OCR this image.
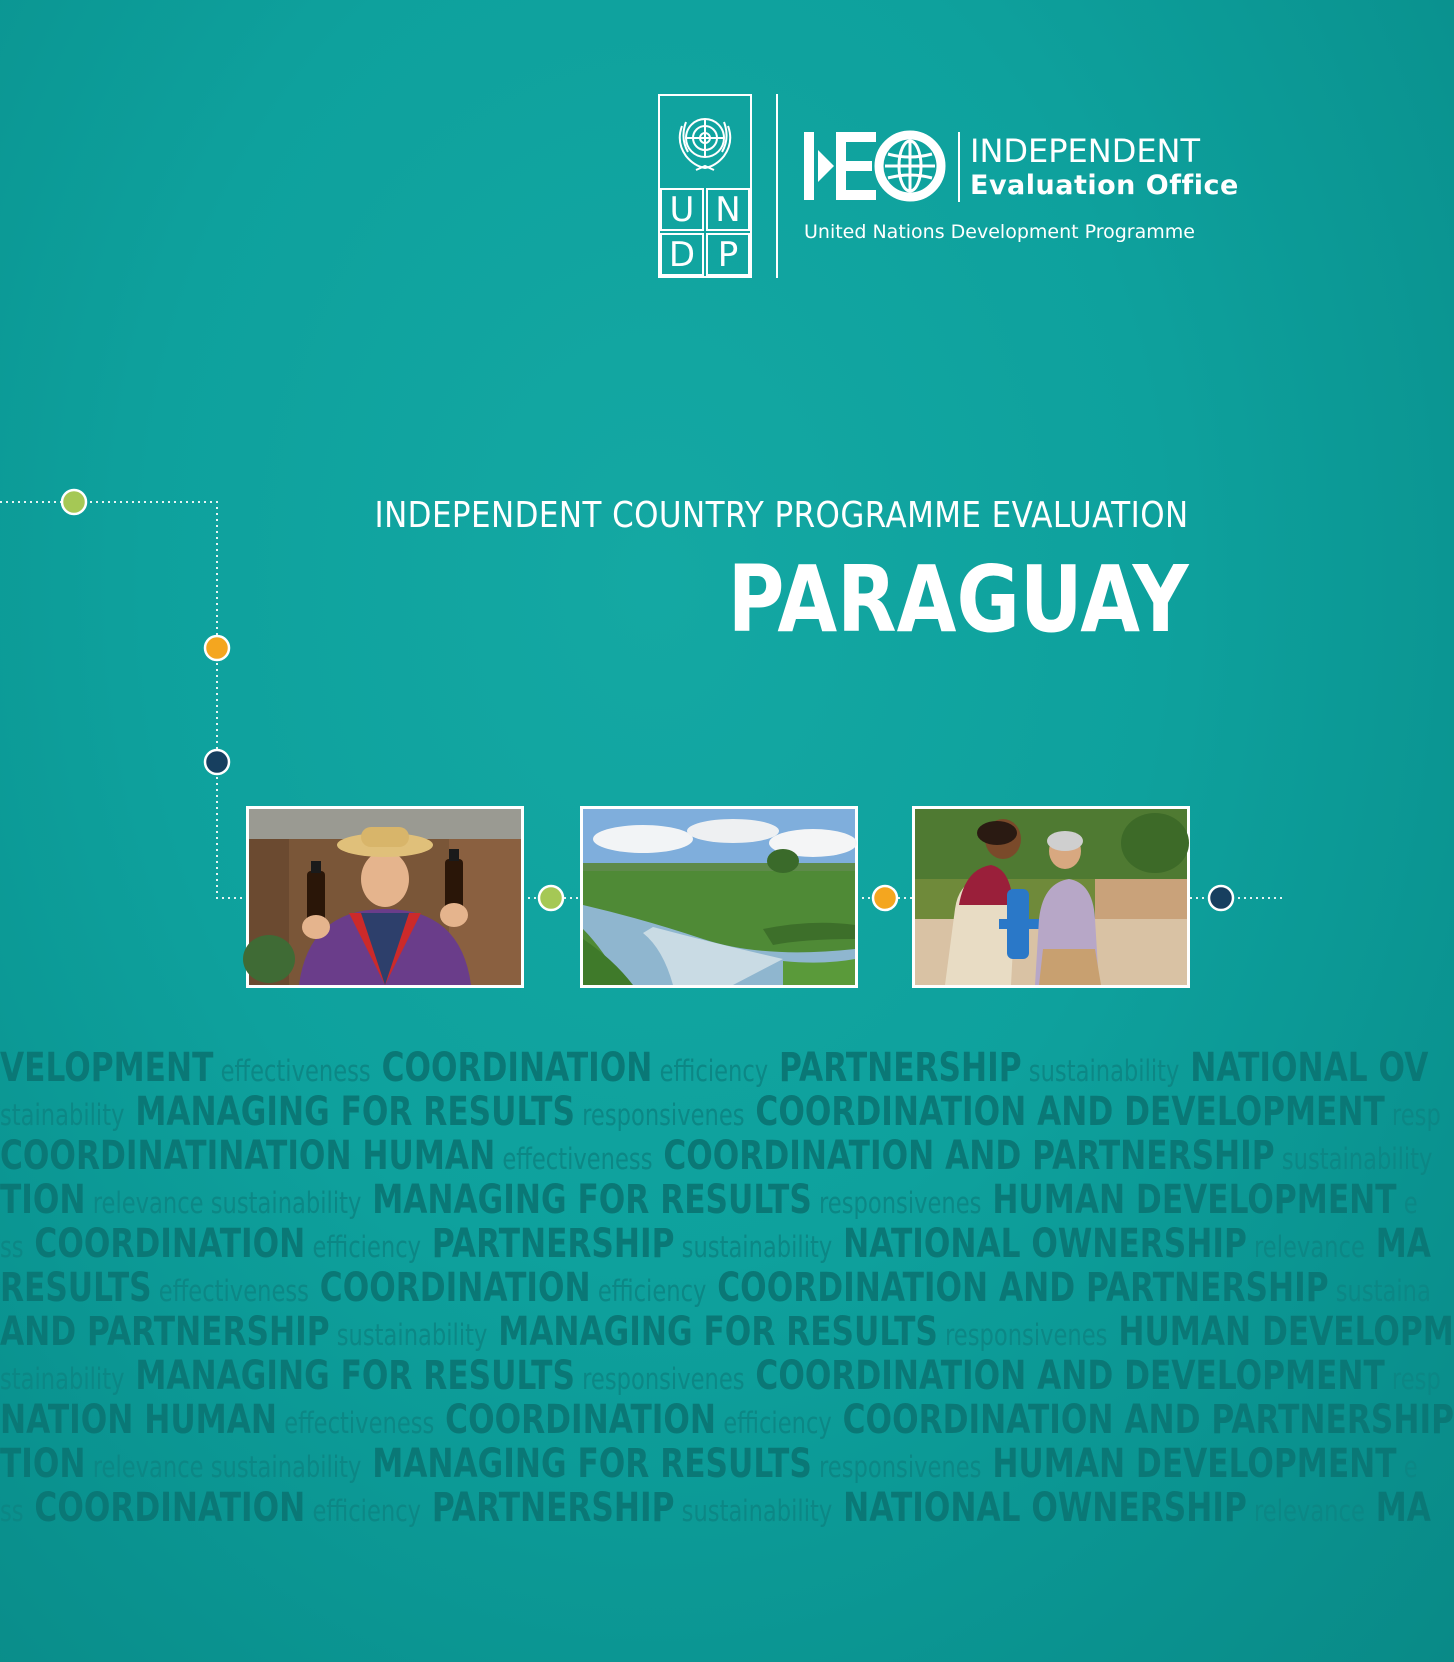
U N
D P
INDEPENDENT
Evaluation Office
United Nations Development Programme
INDEPENDENT COUNTRY PROGRAMME EVALUATION
PARAGUAY
VELOPMENT effectiveness COORDINATION efficiency PARTNERSHIP sustainability NATIONAL OV
stainability MANAGING FOR RESULTS responsivenes COORDINATION AND DEVELOPMENT resp
COORDINATINATION HUMAN effectiveness COORDINATION AND PARTNERSHIP sustainability
TION relevance sustainability MANAGING FOR RESULTS responsivenes HUMAN DEVELOPMENT e
ss COORDINATION efficiency PARTNERSHIP sustainability NATIONAL OWNERSHIP relevance MA
RESULTS effectiveness COORDINATION efficiency COORDINATION AND PARTNERSHIP sustaina
AND PARTNERSHIP sustainability MANAGING FOR RESULTS responsivenes HUMAN DEVELOPM
stainability MANAGING FOR RESULTS responsivenes COORDINATION AND DEVELOPMENT resp
NATION HUMAN effectiveness COORDINATION efficiency COORDINATION AND PARTNERSHIP
TION relevance sustainability MANAGING FOR RESULTS responsivenes HUMAN DEVELOPMENT e
ss COORDINATION efficiency PARTNERSHIP sustainability NATIONAL OWNERSHIP relevance MA
